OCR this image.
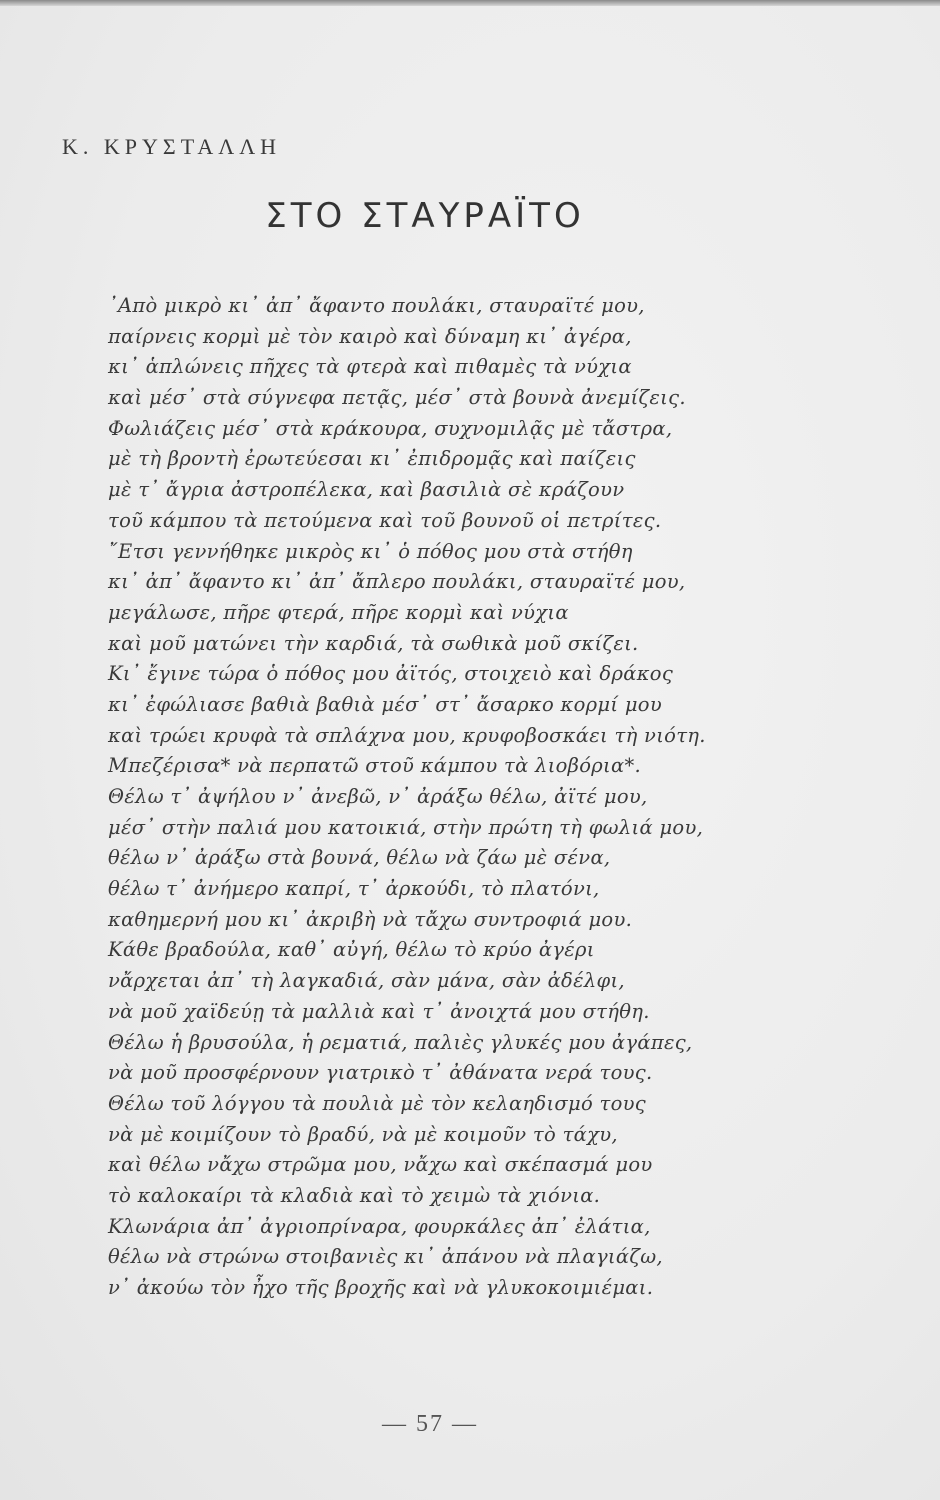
Κ. ΚΡΥΣΤΑΛΛΗ
ΣΤΟ ΣΤΑΥΡΑΪΤΟ
᾿Απὸ μικρὸ κι᾿ ἀπ᾿ ἄφαντο πουλάκι, σταυραϊτέ μου,
παίρνεις κορμὶ μὲ τὸν καιρὸ καὶ δύναμη κι᾿ ἀγέρα,
κι᾿ ἁπλώνεις πῆχες τὰ φτερὰ καὶ πιθαμὲς τὰ νύχια
καὶ μέσ᾿ στὰ σύγνεφα πετᾷς, μέσ᾿ στὰ βουνὰ ἀνεμίζεις.
Φωλιάζεις μέσ᾿ στὰ κράκουρα, συχνομιλᾷς μὲ τἄστρα,
μὲ τὴ βροντὴ ἐρωτεύεσαι κι᾿ ἐπιδρομᾷς καὶ παίζεις
μὲ τ᾿ ἄγρια ἀστροπέλεκα, καὶ βασιλιὰ σὲ κράζουν
τοῦ κάμπου τὰ πετούμενα καὶ τοῦ βουνοῦ οἱ πετρίτες.
῎Ετσι γεννήθηκε μικρὸς κι᾿ ὁ πόθος μου στὰ στήθη
κι᾿ ἀπ᾿ ἄφαντο κι᾿ ἀπ᾿ ἄπλερο πουλάκι, σταυραϊτέ μου,
μεγάλωσε, πῆρε φτερά, πῆρε κορμὶ καὶ νύχια
καὶ μοῦ ματώνει τὴν καρδιά, τὰ σωθικὰ μοῦ σκίζει.
Κι᾿ ἔγινε τώρα ὁ πόθος μου ἀϊτός, στοιχειὸ καὶ δράκος
κι᾿ ἐφώλιασε βαθιὰ βαθιὰ μέσ᾿ στ᾿ ἄσαρκο κορμί μου
καὶ τρώει κρυφὰ τὰ σπλάχνα μου, κρυφοβοσκάει τὴ νιότη.
Μπεζέρισα* νὰ περπατῶ στοῦ κάμπου τὰ λιοβόρια*.
Θέλω τ᾿ ἀψήλου ν᾿ ἀνεβῶ, ν᾿ ἀράξω θέλω, ἀϊτέ μου,
μέσ᾿ στὴν παλιά μου κατοικιά, στὴν πρώτη τὴ φωλιά μου,
θέλω ν᾿ ἀράξω στὰ βουνά, θέλω νὰ ζάω μὲ σένα,
θέλω τ᾿ ἀνήμερο καπρί, τ᾿ ἀρκούδι, τὸ πλατόνι,
καθημερνή μου κι᾿ ἀκριβὴ νὰ τἄχω συντροφιά μου.
Κάθε βραδούλα, καθ᾿ αὐγή, θέλω τὸ κρύο ἀγέρι
νἄρχεται ἀπ᾿ τὴ λαγκαδιά, σὰν μάνα, σὰν ἀδέλφι,
νὰ μοῦ χαϊδεύῃ τὰ μαλλιὰ καὶ τ᾿ ἀνοιχτά μου στήθη.
Θέλω ἡ βρυσούλα, ἡ ρεματιά, παλιὲς γλυκές μου ἀγάπες,
νὰ μοῦ προσφέρνουν γιατρικὸ τ᾿ ἀθάνατα νερά τους.
Θέλω τοῦ λόγγου τὰ πουλιὰ μὲ τὸν κελαηδισμό τους
νὰ μὲ κοιμίζουν τὸ βραδύ, νὰ μὲ κοιμοῦν τὸ τάχυ,
καὶ θέλω νἄχω στρῶμα μου, νἄχω καὶ σκέπασμά μου
τὸ καλοκαίρι τὰ κλαδιὰ καὶ τὸ χειμὼ τὰ χιόνια.
Κλωνάρια ἀπ᾿ ἀγριοπρίναρα, φουρκάλες ἀπ᾿ ἐλάτια,
θέλω νὰ στρώνω στοιβανιὲς κι᾿ ἀπάνου νὰ πλαγιάζω,
ν᾿ ἀκούω τὸν ἦχο τῆς βροχῆς καὶ νὰ γλυκοκοιμιέμαι.
— 57 —
